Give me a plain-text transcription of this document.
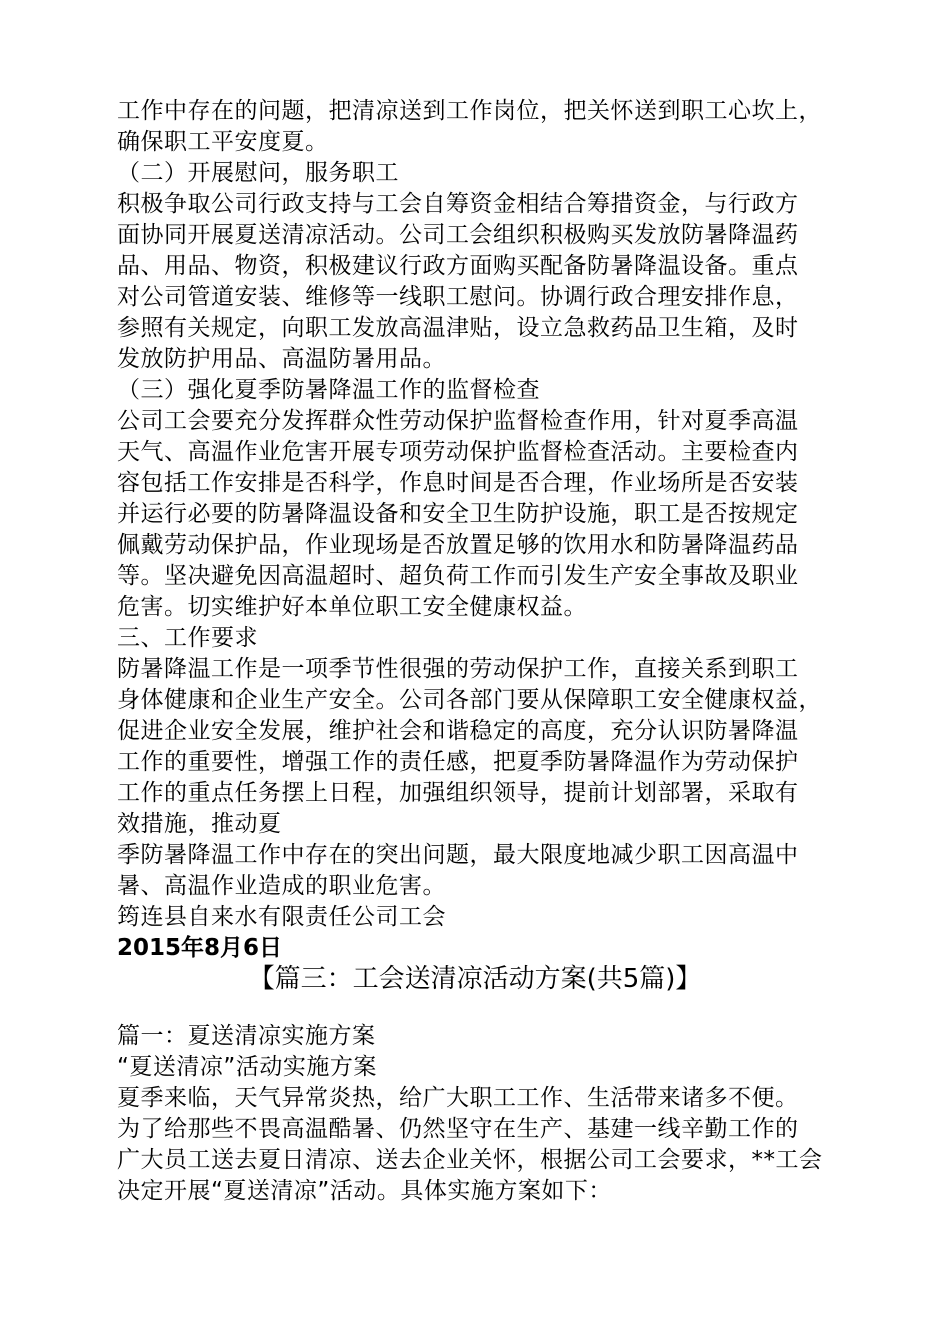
工作中存在的问题，把清凉送到工作岗位，把关怀送到职工心坎上，
确保职工平安度夏。
（二）开展慰问，服务职工
积极争取公司行政支持与工会自筹资金相结合筹措资金，与行政方
面协同开展夏送清凉活动。公司工会组织积极购买发放防暑降温药
品、用品、物资，积极建议行政方面购买配备防暑降温设备。重点
对公司管道安装、维修等一线职工慰问。协调行政合理安排作息，
参照有关规定，向职工发放高温津贴，设立急救药品卫生箱，及时
发放防护用品、高温防暑用品。
（三）强化夏季防暑降温工作的监督检查
公司工会要充分发挥群众性劳动保护监督检查作用，针对夏季高温
天气、高温作业危害开展专项劳动保护监督检查活动。主要检查内
容包括工作安排是否科学，作息时间是否合理，作业场所是否安装
并运行必要的防暑降温设备和安全卫生防护设施，职工是否按规定
佩戴劳动保护品，作业现场是否放置足够的饮用水和防暑降温药品
等。坚决避免因高温超时、超负荷工作而引发生产安全事故及职业
危害。切实维护好本单位职工安全健康权益。
三、工作要求
防暑降温工作是一项季节性很强的劳动保护工作，直接关系到职工
身体健康和企业生产安全。公司各部门要从保障职工安全健康权益，
促进企业安全发展，维护社会和谐稳定的高度，充分认识防暑降温
工作的重要性，增强工作的责任感，把夏季防暑降温作为劳动保护
工作的重点任务摆上日程，加强组织领导，提前计划部署，采取有
效措施，推动夏
季防暑降温工作中存在的突出问题，最大限度地减少职工因高温中
暑、高温作业造成的职业危害。
筠连县自来水有限责任公司工会
2015年8月6日
【篇三：工会送清凉活动方案(共5篇)】
篇一：夏送清凉实施方案
“夏送清凉”活动实施方案
夏季来临，天气异常炎热，给广大职工工作、生活带来诸多不便。
为了给那些不畏高温酷暑、仍然坚守在生产、基建一线辛勤工作的
广大员工送去夏日清凉、送去企业关怀，根据公司工会要求，**工会
决定开展“夏送清凉”活动。具体实施方案如下：
